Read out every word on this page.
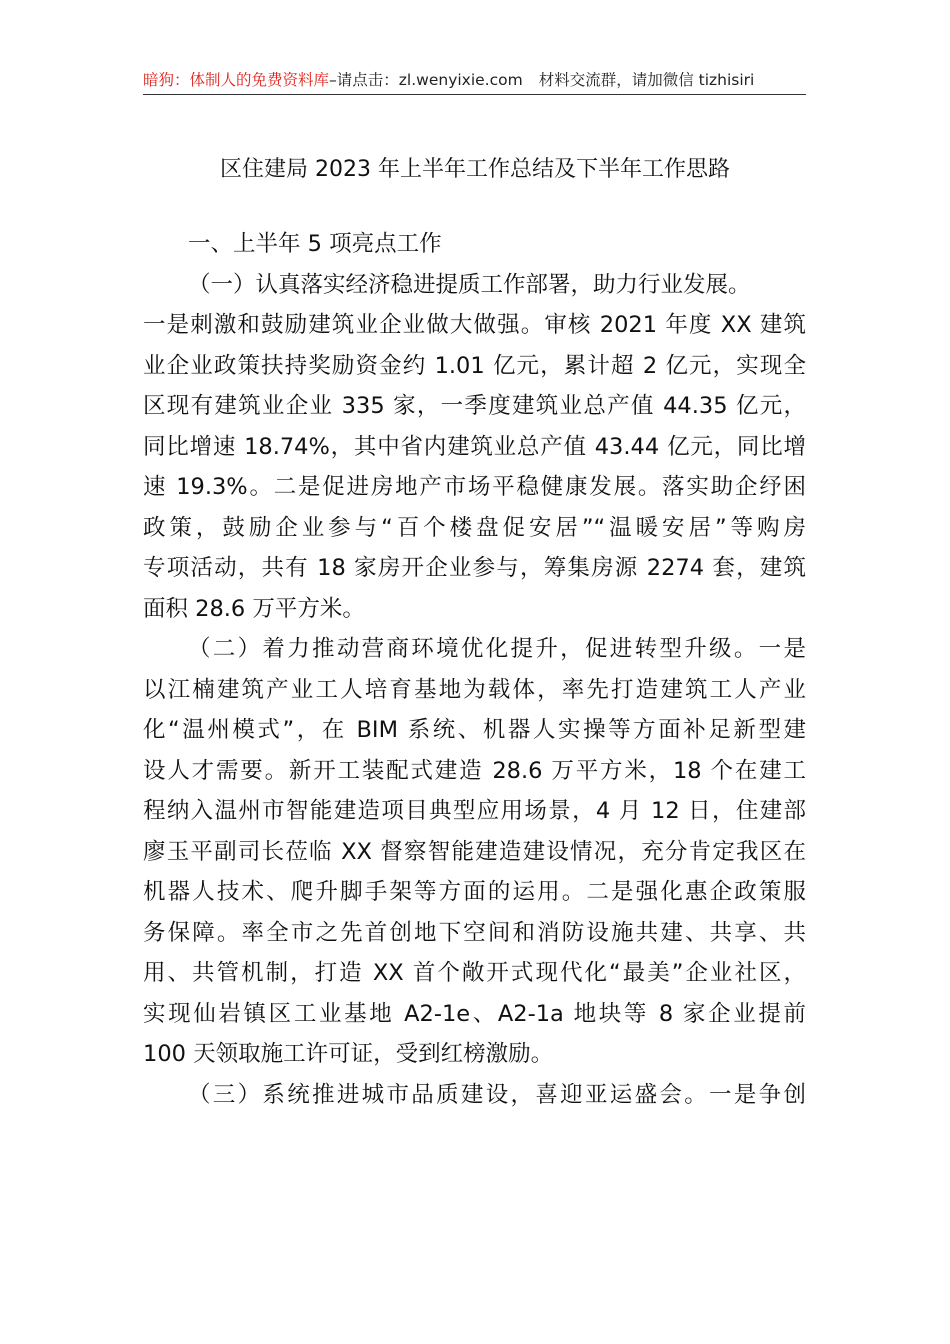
暗狗：体制人的免费资料库–请点击：zl.wenyixie.com 材料交流群，请加微信 tizhisiri
区住建局 2023 年上半年工作总结及下半年工作思路
一、上半年 5 项亮点工作
（一）认真落实经济稳进提质工作部署，助力行业发展。
一是刺激和鼓励建筑业企业做大做强。审核 2021 年度 XX 建筑
业企业政策扶持奖励资金约 1.01 亿元，累计超 2 亿元，实现全
区现有建筑业企业 335 家，一季度建筑业总产值 44.35 亿元，
同比增速 18.74%，其中省内建筑业总产值 43.44 亿元，同比增
速 19.3%。二是促进房地产市场平稳健康发展。落实助企纾困
政策，鼓励企业参与“百个楼盘促安居”“温暖安居”等购房
专项活动，共有 18 家房开企业参与，筹集房源 2274 套，建筑
面积 28.6 万平方米。
（二）着力推动营商环境优化提升，促进转型升级。一是
以江楠建筑产业工人培育基地为载体，率先打造建筑工人产业
化“温州模式”，在 BIM 系统、机器人实操等方面补足新型建
设人才需要。新开工装配式建造 28.6 万平方米，18 个在建工
程纳入温州市智能建造项目典型应用场景，4 月 12 日，住建部
廖玉平副司长莅临 XX 督察智能建造建设情况，充分肯定我区在
机器人技术、爬升脚手架等方面的运用。二是强化惠企政策服
务保障。率全市之先首创地下空间和消防设施共建、共享、共
用、共管机制，打造 XX 首个敞开式现代化“最美”企业社区，
实现仙岩镇区工业基地 A2-1e、A2-1a 地块等 8 家企业提前
100 天领取施工许可证，受到红榜激励。
（三）系统推进城市品质建设，喜迎亚运盛会。一是争创
